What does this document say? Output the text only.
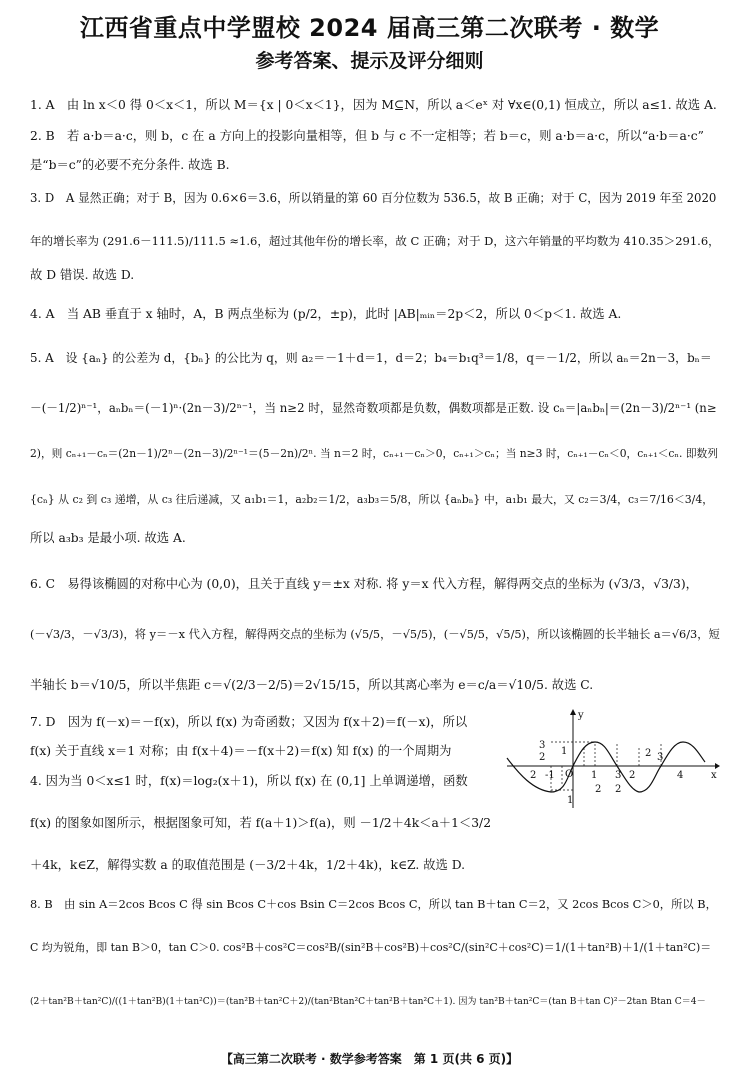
江西省重点中学盟校 2024 届高三第二次联考 · 数学
参考答案、提示及评分细则
1. A　由 ln x＜0 得 0＜x＜1，所以 M＝{x | 0＜x＜1}，因为 M⊆N，所以 a＜eˣ 对 ∀x∈(0,1) 恒成立，所以 a≤1. 故选 A.
2. B　若 a·b＝a·c，则 b，c 在 a 方向上的投影向量相等，但 b 与 c 不一定相等；若 b＝c，则 a·b＝a·c，所以“a·b＝a·c”
是“b＝c”的必要不充分条件. 故选 B.
3. D　A 显然正确；对于 B，因为 0.6×6＝3.6，所以销量的第 60 百分位数为 536.5，故 B 正确；对于 C，因为 2019 年至 2020
年的增长率为 (291.6－111.5)/111.5 ≈1.6，超过其他年份的增长率，故 C 正确；对于 D，这六年销量的平均数为 410.35＞291.6，
故 D 错误. 故选 D.
4. A　当 AB 垂直于 x 轴时，A，B 两点坐标为 (p/2，±p)，此时 |AB|ₘᵢₙ＝2p＜2，所以 0＜p＜1. 故选 A.
5. A　设 {aₙ} 的公差为 d，{bₙ} 的公比为 q，则 a₂＝－1＋d＝1，d＝2；b₄＝b₁q³＝1/8，q＝－1/2，所以 aₙ＝2n－3，bₙ＝
－(－1/2)ⁿ⁻¹，aₙbₙ＝(－1)ⁿ·(2n－3)/2ⁿ⁻¹，当 n≥2 时，显然奇数项都是负数，偶数项都是正数. 设 cₙ＝|aₙbₙ|＝(2n－3)/2ⁿ⁻¹ (n≥
2)，则 cₙ₊₁－cₙ＝(2n－1)/2ⁿ－(2n－3)/2ⁿ⁻¹＝(5－2n)/2ⁿ. 当 n＝2 时，cₙ₊₁－cₙ＞0，cₙ₊₁＞cₙ；当 n≥3 时，cₙ₊₁－cₙ＜0，cₙ₊₁＜cₙ. 即数列
{cₙ} 从 c₂ 到 c₃ 递增，从 c₃ 往后递减，又 a₁b₁＝1，a₂b₂＝1/2，a₃b₃＝5/8，所以 {aₙbₙ} 中，a₁b₁ 最大，又 c₂＝3/4，c₃＝7/16＜3/4，
所以 a₃b₃ 是最小项. 故选 A.
6. C　易得该椭圆的对称中心为 (0,0)，且关于直线 y＝±x 对称. 将 y＝x 代入方程，解得两交点的坐标为 (√3/3，√3/3)，
(－√3/3，－√3/3)，将 y＝－x 代入方程，解得两交点的坐标为 (√5/5，－√5/5)，(－√5/5，√5/5)，所以该椭圆的长半轴长 a＝√6/3，短
半轴长 b＝√10/5，所以半焦距 c＝√(2/3－2/5)＝2√15/15，所以其离心率为 e＝c/a＝√10/5. 故选 C.
7. D　因为 f(－x)＝－f(x)，所以 f(x) 为奇函数；又因为 f(x＋2)＝f(－x)，所以
f(x) 关于直线 x＝1 对称；由 f(x＋4)＝－f(x＋2)＝f(x) 知 f(x) 的一个周期为
4. 因为当 0＜x≤1 时，f(x)＝log₂(x＋1)，所以 f(x) 在 (0,1] 上单调递增，函数
f(x) 的图象如图所示，根据图象可知，若 f(a＋1)＞f(a)，则 －1/2＋4k＜a＋1＜3/2
＋4k，k∈Z，解得实数 a 的取值范围是 (－3/2＋4k，1/2＋4k)，k∈Z. 故选 D.
8. B　由 sin A＝2cos Bcos C 得 sin Bcos C＋cos Bsin C＝2cos Bcos C，所以 tan B＋tan C＝2，又 2cos Bcos C＞0，所以 B，
C 均为锐角，即 tan B＞0，tan C＞0. cos²B＋cos²C＝cos²B/(sin²B＋cos²B)＋cos²C/(sin²C＋cos²C)＝1/(1＋tan²B)＋1/(1＋tan²C)＝
(2＋tan²B＋tan²C)/((1＋tan²B)(1＋tan²C))＝(tan²B＋tan²C＋2)/(tan²Btan²C＋tan²B＋tan²C＋1). 因为 tan²B＋tan²C＝(tan B＋tan C)²－2tan Btan C＝4－
y
x
O
3
2
1	2
2 -1	1 3 2
3
4
1
2 2
【高三第二次联考 · 数学参考答案　第 1 页(共 6 页)】
